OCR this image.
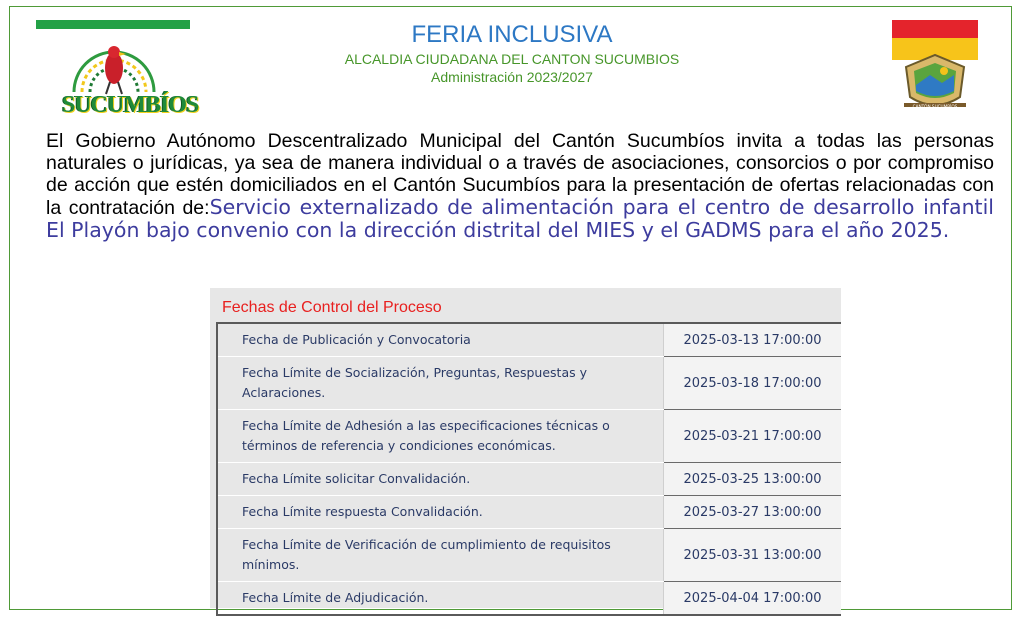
SUCUMBÍOS
FERIA INCLUSIVA
ALCALDIA CIUDADANA DEL CANTON SUCUMBIOS
Administración 2023/2027
CANTÓN SUCUMBÍOS

El Gobierno Autónomo Descentralizado Municipal del Cantón Sucumbíos invita a todas las personas naturales o jurídicas, ya sea de manera individual o a través de asociaciones, consorcios o por compromiso de acción que estén domiciliados en el Cantón Sucumbíos para la presentación de ofertas relacionadas con la contratación de:Servicio externalizado de alimentación para el centro de desarrollo infantil El Playón bajo convenio con la dirección distrital del MIES y el GADMS para el año 2025.

Fechas de Control del Proceso
Fecha de Publicación y Convocatoria	2025-03-13 17:00:00
Fecha Límite de Socialización, Preguntas, Respuestas y Aclaraciones.	2025-03-18 17:00:00
Fecha Límite de Adhesión a las especificaciones técnicas o términos de referencia y condiciones económicas.	2025-03-21 17:00:00
Fecha Límite solicitar Convalidación.	2025-03-25 13:00:00
Fecha Límite respuesta Convalidación.	2025-03-27 13:00:00
Fecha Límite de Verificación de cumplimiento de requisitos mínimos.	2025-03-31 13:00:00
Fecha Límite de Adjudicación.	2025-04-04 17:00:00
